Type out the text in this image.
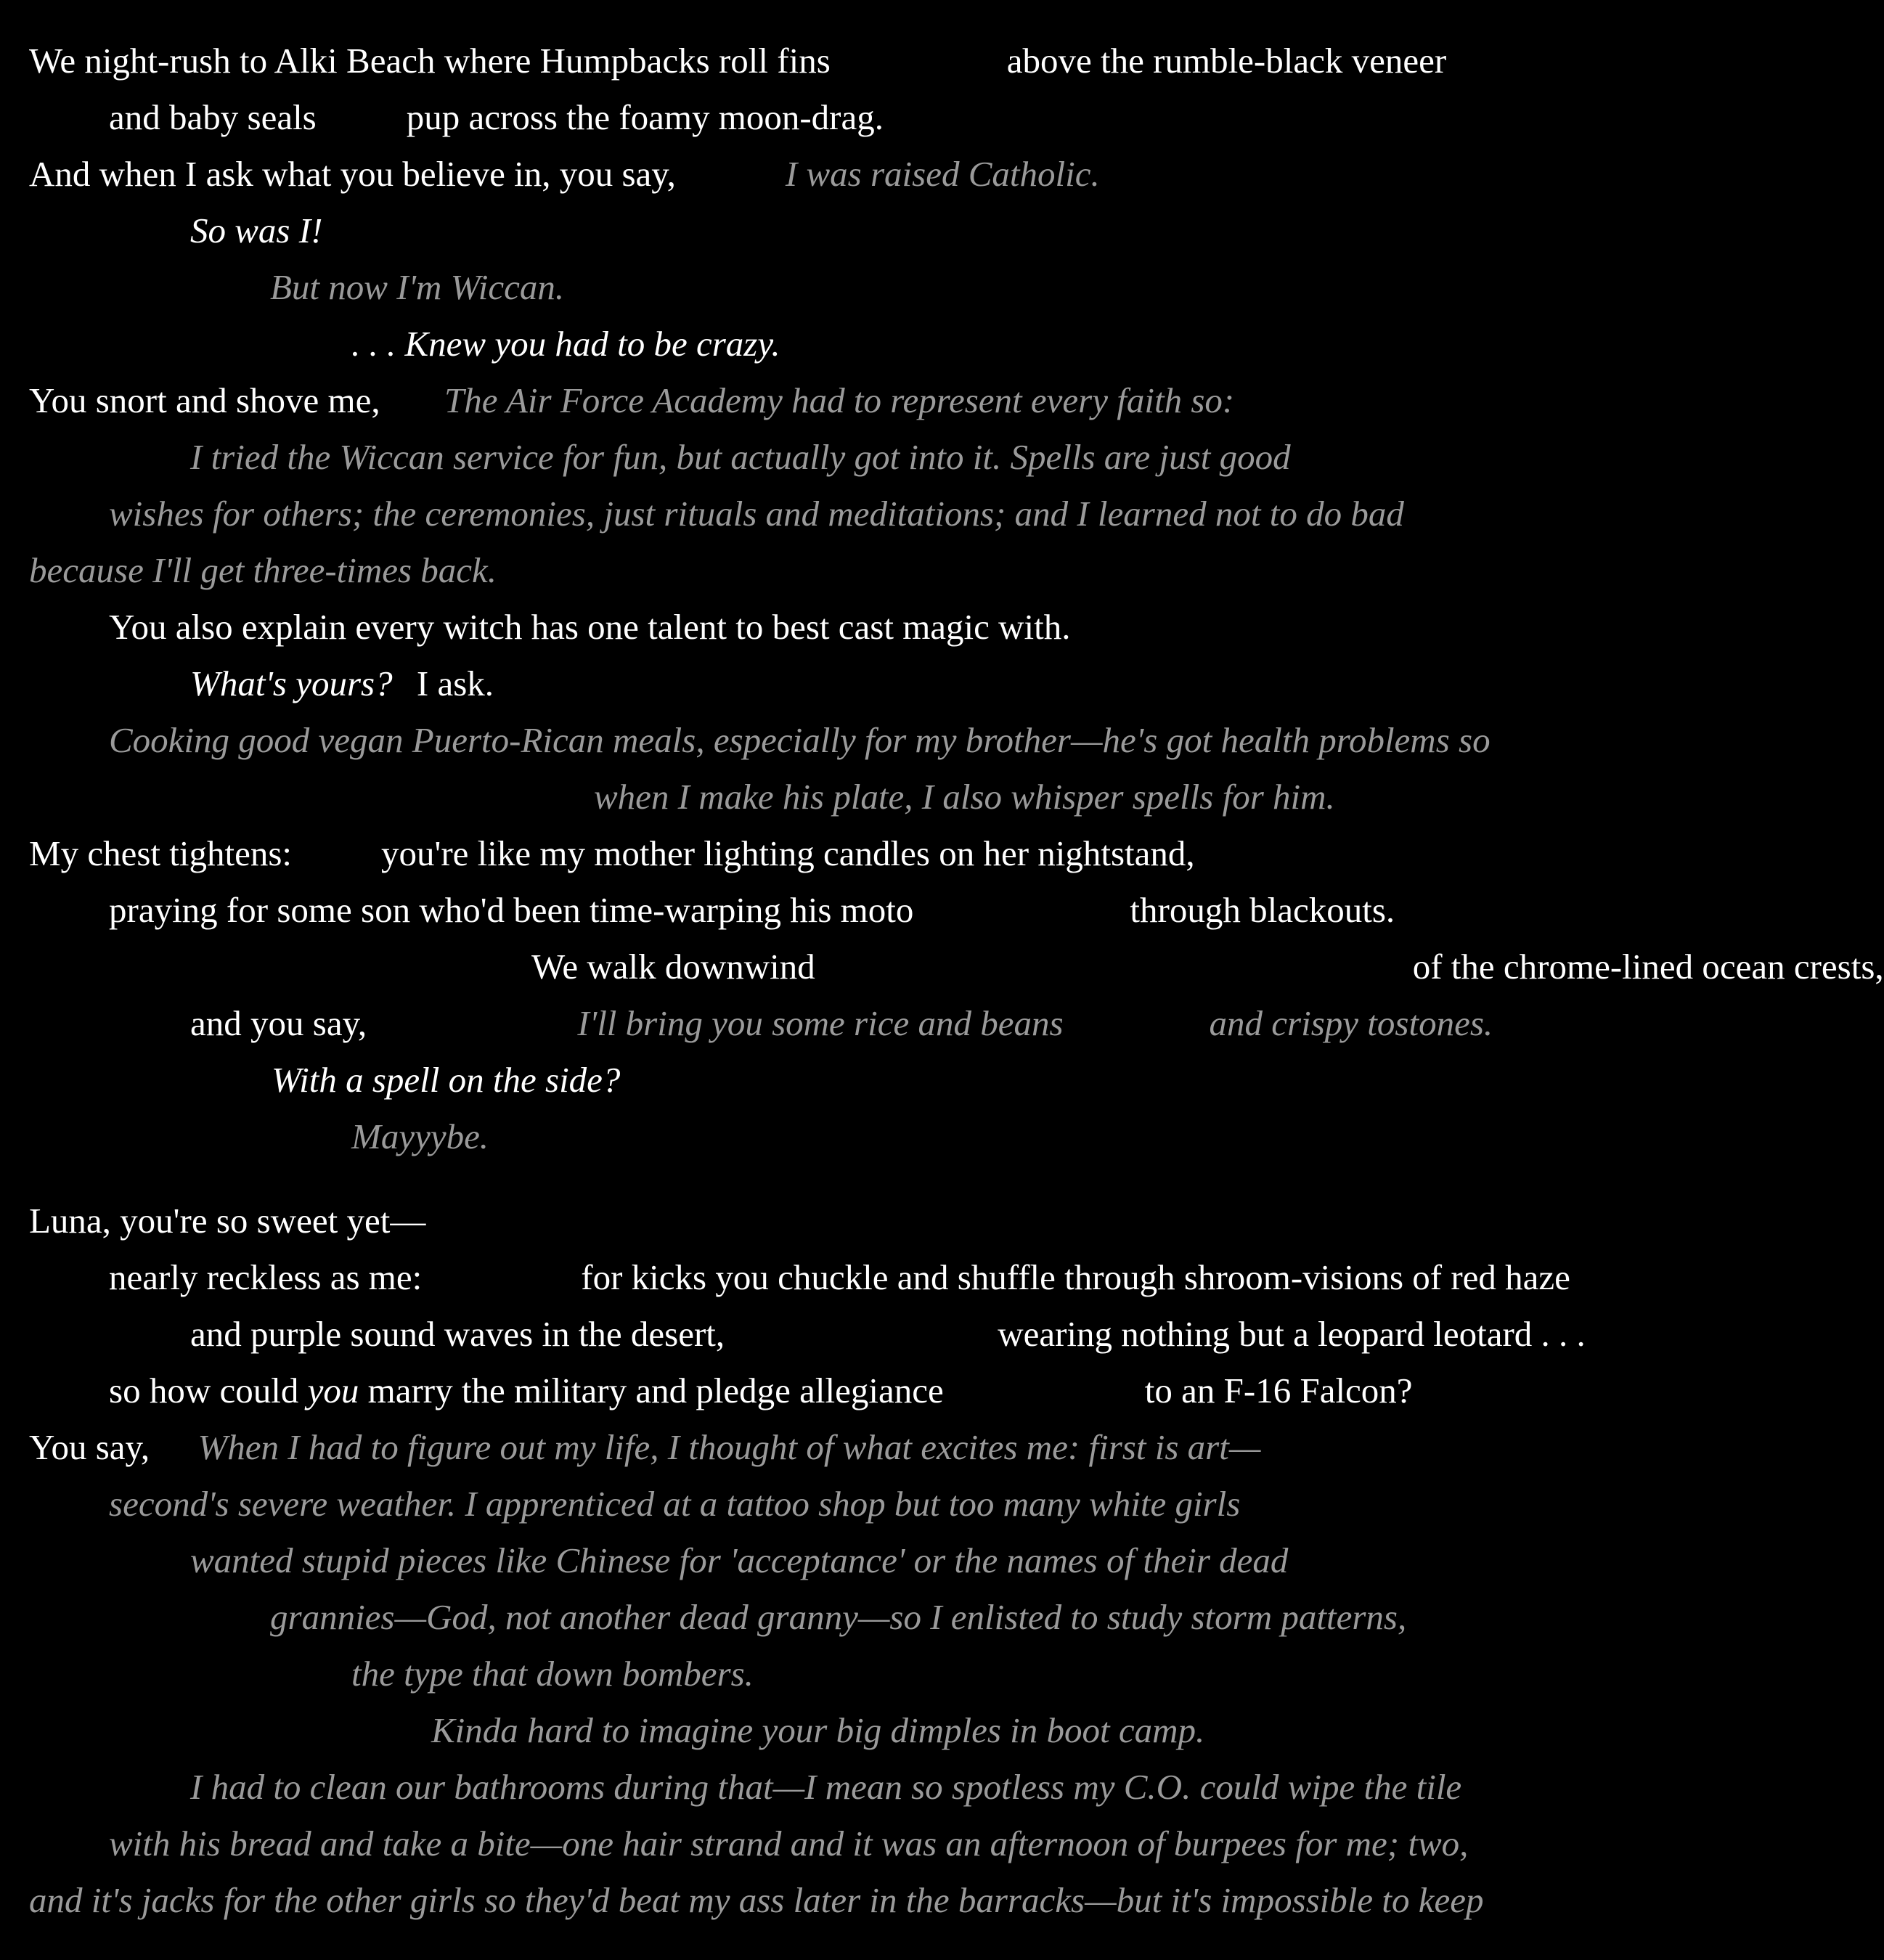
We night-rush to Alki Beach where Humpbacks roll fins	above the rumble-black veneer
and baby seals	pup across the foamy moon-drag.
And when I ask what you believe in, you say,	I was raised Catholic.
So was I!
But now I'm Wiccan.
. . . Knew you had to be crazy.
You snort and shove me, The Air Force Academy had to represent every faith so:
I tried the Wiccan service for fun, but actually got into it. Spells are just good
wishes for others; the ceremonies, just rituals and meditations; and I learned not to do bad
because I'll get three-times back.
You also explain every witch has one talent to best cast magic with.
What's yours? I ask.
Cooking good vegan Puerto-Rican meals, especially for my brother—he's got health problems so
when I make his plate, I also whisper spells for him.
My chest tightens:	you're like my mother lighting candles on her nightstand,
praying for some son who'd been time-warping his moto	through blackouts.
We walk downwind	of the chrome-lined ocean crests,
and you say,	I'll bring you some rice and beans	and crispy tostones.
With a spell on the side?
Mayyybe.
Luna, you're so sweet yet—
nearly reckless as me:	for kicks you chuckle and shuffle through shroom-visions of red haze
and purple sound waves in the desert,	wearing nothing but a leopard leotard . . .
so how could you marry the military and pledge allegiance	to an F-16 Falcon?
You say, When I had to figure out my life, I thought of what excites me: first is art—
second's severe weather. I apprenticed at a tattoo shop but too many white girls
wanted stupid pieces like Chinese for 'acceptance' or the names of their dead
grannies—God, not another dead granny—so I enlisted to study storm patterns,
the type that down bombers.
Kinda hard to imagine your big dimples in boot camp.
I had to clean our bathrooms during that—I mean so spotless my C.O. could wipe the tile
with his bread and take a bite—one hair strand and it was an afternoon of burpees for me; two,
and it's jacks for the other girls so they'd beat my ass later in the barracks—but it's impossible to keep
